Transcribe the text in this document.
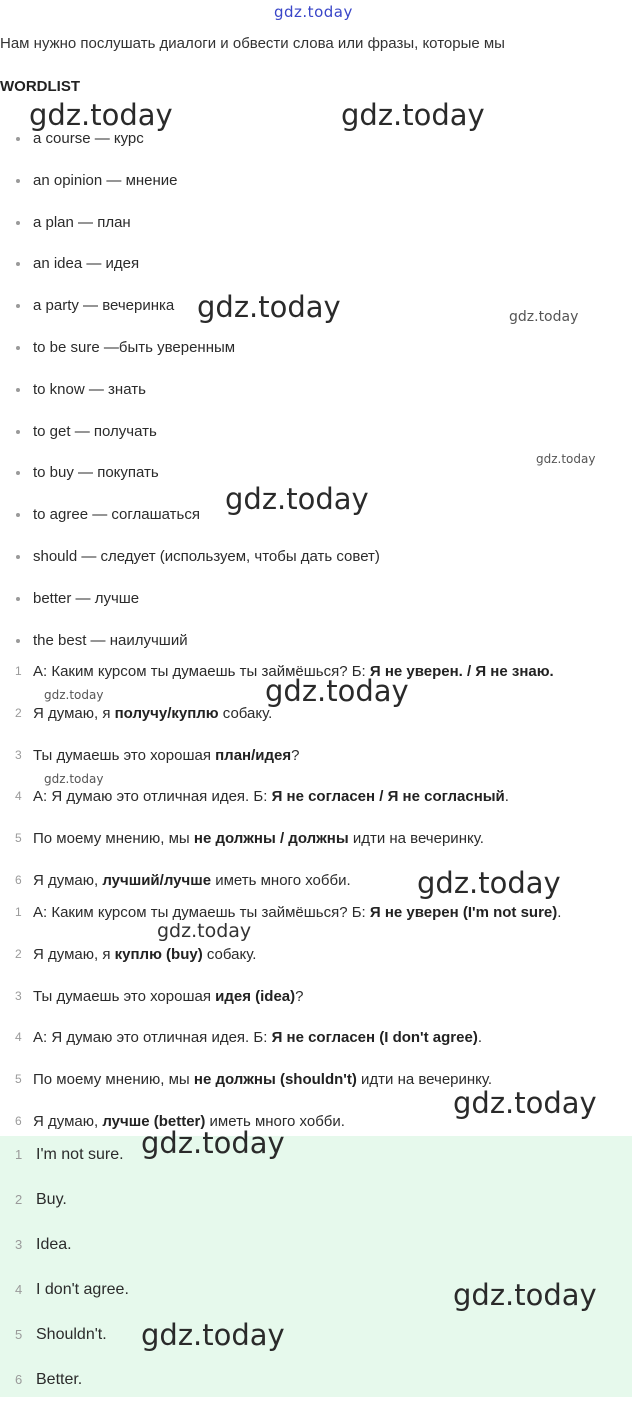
gdz.today
Нам нужно послушать диалоги и обвести слова или фразы, которые мы
WORDLIST
a course — курс
an opinion — мнение
a plan — план
an idea — идея
a party — вечеринка
to be sure —быть уверенным
to know — знать
to get — получать
to buy — покупать
to agree — соглашаться
should — следует (используем, чтобы дать совет)
better — лучше
the best — наилучший
1 А: Каким курсом ты думаешь ты займёшься? Б: Я не уверен. / Я не знаю.
2 Я думаю, я получу/куплю собаку.
3 Ты думаешь это хорошая план/идея?
4 А: Я думаю это отличная идея. Б: Я не согласен / Я не согласный.
5 По моему мнению, мы не должны / должны идти на вечеринку.
6 Я думаю, лучший/лучше иметь много хобби.
1 А: Каким курсом ты думаешь ты займёшься? Б: Я не уверен (I'm not sure).
2 Я думаю, я куплю (buy) собаку.
3 Ты думаешь это хорошая идея (idea)?
4 А: Я думаю это отличная идея. Б: Я не согласен (I don't agree).
5 По моему мнению, мы не должны (shouldn't) идти на вечеринку.
6 Я думаю, лучше (better) иметь много хобби.
1 I'm not sure.
2 Buy.
3 Idea.
4 I don't agree.
5 Shouldn't.
6 Better.
gdz.today	gdz.today
gdz.today	gdz.today
gdz.today
gdz.today
gdz.today	gdz.today
gdz.today
gdz.today
gdz.today
gdz.today
gdz.today
gdz.today
gdz.today
